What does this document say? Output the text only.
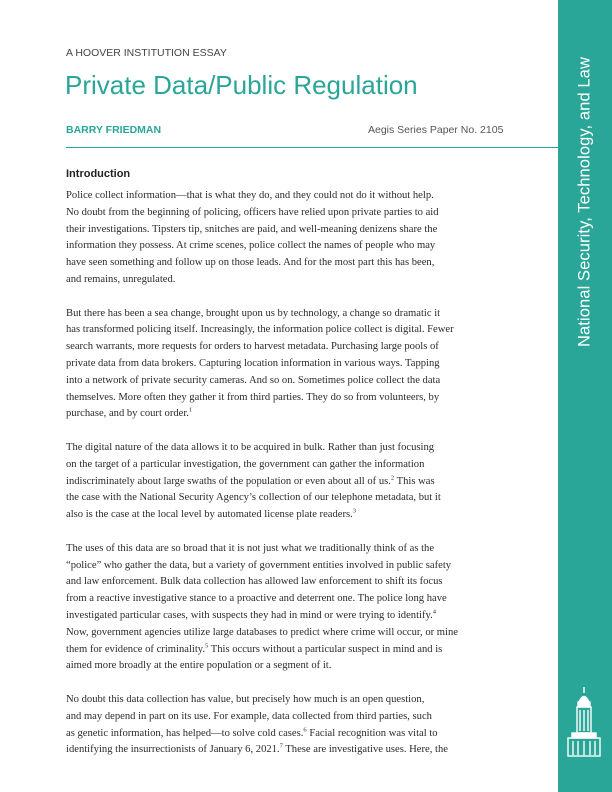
National Security, Technology, and Law
A HOOVER INSTITUTION ESSAY
Private Data/Public Regulation
BARRY FRIEDMAN	Aegis Series Paper No. 2105
Introduction

Police collect information—that is what they do, and they could not do it without help.
No doubt from the beginning of policing, officers have relied upon private parties to aid
their investigations. Tipsters tip, snitches are paid, and well-meaning denizens share the
information they possess. At crime scenes, police collect the names of people who may
have seen something and follow up on those leads. And for the most part this has been,
and remains, unregulated.

But there has been a sea change, brought upon us by technology, a change so dramatic it
has transformed policing itself. Increasingly, the information police collect is digital. Fewer
search warrants, more requests for orders to harvest metadata. Purchasing large pools of
private data from data brokers. Capturing location information in various ways. Tapping
into a network of private security cameras. And so on. Sometimes police collect the data
themselves. More often they gather it from third parties. They do so from volunteers, by
purchase, and by court order.$^1$

The digital nature of the data allows it to be acquired in bulk. Rather than just focusing
on the target of a particular investigation, the government can gather the information
indiscriminately about large swaths of the population or even about all of us.$^2$ This was
the case with the National Security Agency’s collection of our telephone metadata, but it
also is the case at the local level by automated license plate readers.$^3$

The uses of this data are so broad that it is not just what we traditionally think of as the
“police” who gather the data, but a variety of government entities involved in public safety
and law enforcement. Bulk data collection has allowed law enforcement to shift its focus
from a reactive investigative stance to a proactive and deterrent one. The police long have
investigated particular cases, with suspects they had in mind or were trying to identify.$^4$
Now, government agencies utilize large databases to predict where crime will occur, or mine
them for evidence of criminality.$^5$ This occurs without a particular suspect in mind and is
aimed more broadly at the entire population or a segment of it.

No doubt this data collection has value, but precisely how much is an open question,
and may depend in part on its use. For example, data collected from third parties, such
as genetic information, has helped—to solve cold cases.$^6$ Facial recognition was vital to
identifying the insurrectionists of January 6, 2021.$^7$ These are investigative uses. Here, the
